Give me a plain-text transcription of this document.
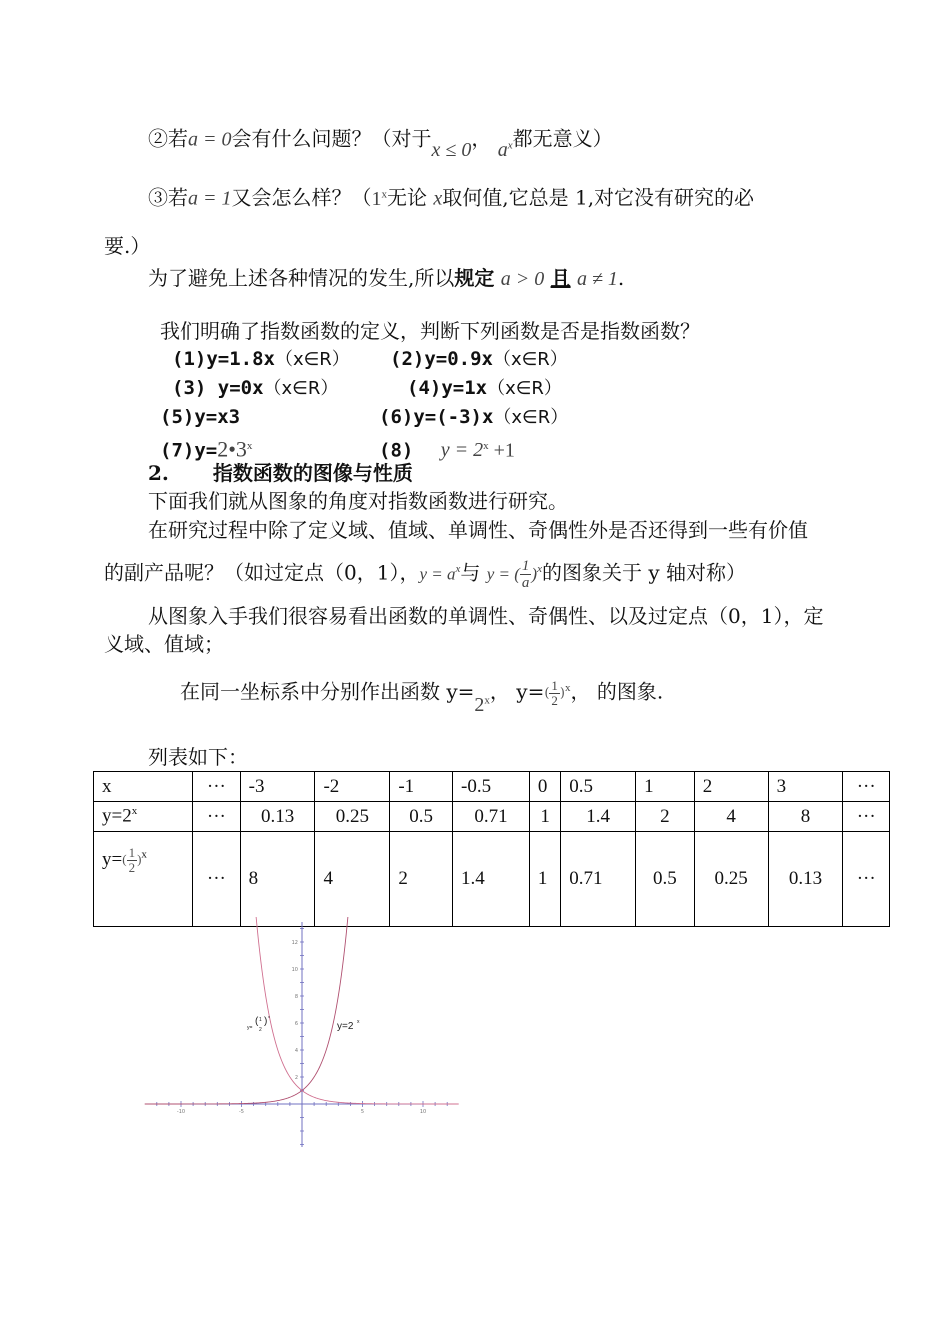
②若a = 0会有什么问题？（对于x ≤ 0， $a^x$都无意义）
③若a = 1又会怎么样？（1$^x$无论 x取何值,它总是 1,对它没有研究的必
要.）
为了避免上述各种情况的发生,所以规定 a > 0 且 a ≠ 1.
我们明确了指数函数的定义，判断下列函数是否是指数函数？
(1)y=1.8x（x∈R） (2)y=0.9x（x∈R）
(3) y=0x（x∈R）	(4)y=1x（x∈R）
(5)y=x3	(6)y=(-3)x（x∈R）
$(7)y=2•3^x$	(8) $y = 2^x +1$
2. 指数函数的图像与性质
下面我们就从图象的角度对指数函数进行研究。
在研究过程中除了定义域、值域、单调性、奇偶性外是否还得到一些有价值
的副产品呢？（如过定点（0，1），$y = a^x$与 y = ( $\frac{1}{a} )^x$的图象关于 y 轴对称）
从图象入手我们很容易看出函数的单调性、奇偶性、以及过定点（0，1），定
义域、值域；
在同一坐标系中分别作出函数 $y=2^x$， $y=( \frac{1}{2} )^x$， 的图象.
列表如下：
x	···	-3	-2	-1	-0.5	0	0.5	1	2	3	···
$y=2^x$	···	0.13	0.25	0.5	0.71	1	1.4	2	4	8	···
$y=( \frac{1}{2} )^x$	···	8	4	2	1.4	1	0.71	0.5	0.25	0.13	···
-10	-5	5	10
2
4
6
8
10
12
y=2 x
y=
( 1
2
) x
